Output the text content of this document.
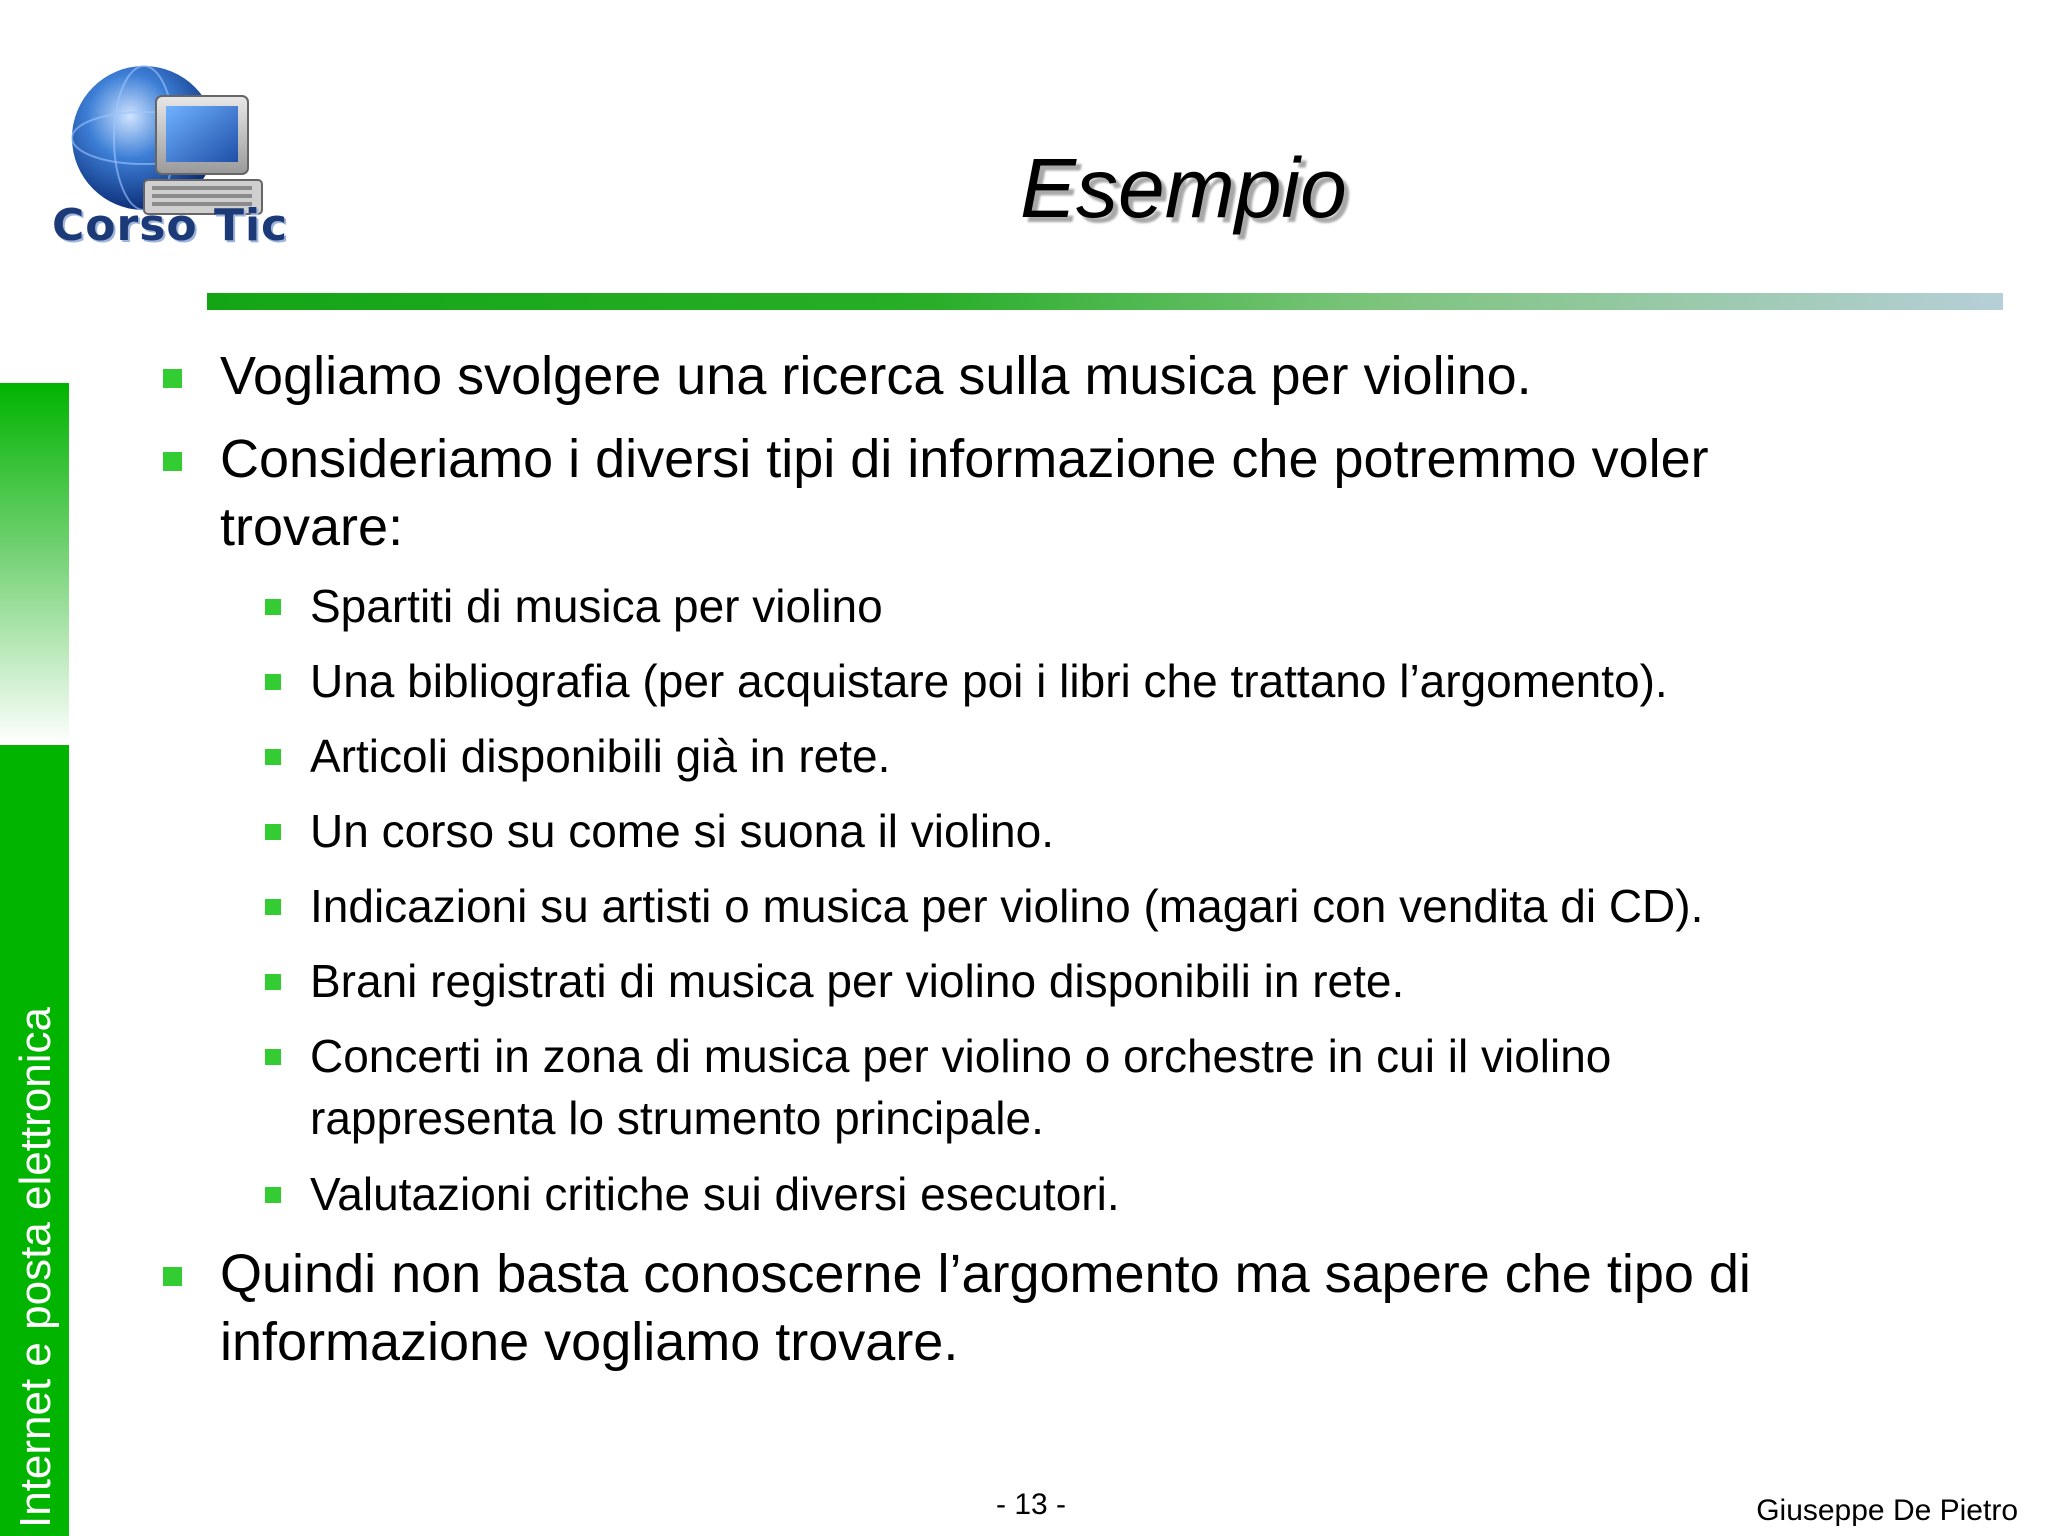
Internet e posta elettronica
Corso Tic	Esempio

Vogliamo svolgere una ricerca sulla musica per violino.

Consideriamo i diversi tipi di informazione che potremmo voler trovare:

Spartiti di musica per violino

Una bibliografia (per acquistare poi i libri che trattano l’argomento).

Articoli disponibili già in rete.

Un corso su come si suona il violino.

Indicazioni su artisti o musica per violino (magari con vendita di CD).

Brani registrati di musica per violino disponibili in rete.

Concerti in zona di musica per violino o orchestre in cui il violino rappresenta lo strumento principale.

Valutazioni critiche sui diversi esecutori.

Quindi non basta conoscerne l’argomento ma sapere che tipo di informazione vogliamo trovare.

- 13 -	Giuseppe De Pietro
